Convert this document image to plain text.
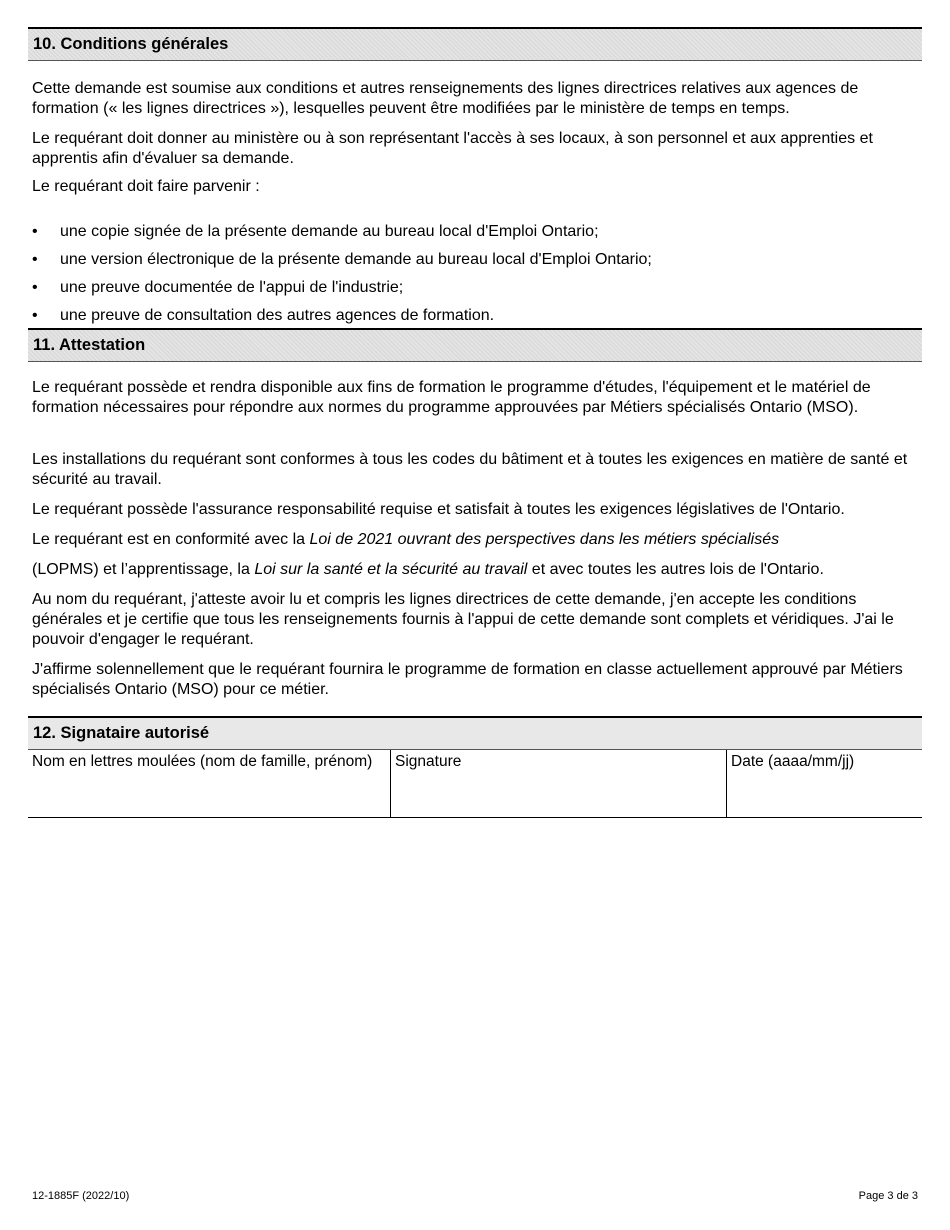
10. Conditions générales

Cette demande est soumise aux conditions et autres renseignements des lignes directrices relatives aux agences de formation (« les lignes directrices »), lesquelles peuvent être modifiées par le ministère de temps en temps.

Le requérant doit donner au ministère ou à son représentant l'accès à ses locaux, à son personnel et aux apprenties et apprentis afin d'évaluer sa demande.

Le requérant doit faire parvenir :

• une copie signée de la présente demande au bureau local d'Emploi Ontario;
• une version électronique de la présente demande au bureau local d'Emploi Ontario;
• une preuve documentée de l'appui de l'industrie;
• une preuve de consultation des autres agences de formation.
11. Attestation

Le requérant possède et rendra disponible aux fins de formation le programme d'études, l'équipement et le matériel de formation nécessaires pour répondre aux normes du programme approuvées par Métiers spécialisés Ontario (MSO).

Les installations du requérant sont conformes à tous les codes du bâtiment et à toutes les exigences en matière de santé et sécurité au travail.

Le requérant possède l'assurance responsabilité requise et satisfait à toutes les exigences législatives de l'Ontario.

Le requérant est en conformité avec la Loi de 2021 ouvrant des perspectives dans les métiers spécialisés

(LOPMS) et l’apprentissage, la Loi sur la santé et la sécurité au travail et avec toutes les autres lois de l'Ontario.

Au nom du requérant, j'atteste avoir lu et compris les lignes directrices de cette demande, j'en accepte les conditions générales et je certifie que tous les renseignements fournis à l'appui de cette demande sont complets et véridiques. J'ai le pouvoir d'engager le requérant.

J'affirme solennellement que le requérant fournira le programme de formation en classe actuellement approuvé par Métiers spécialisés Ontario (MSO) pour ce métier.

12. Signataire autorisé
Nom en lettres moulées (nom de famille, prénom)	Signature	Date (aaaa/mm/jj)
12-1885F (2022/10)	Page 3 de 3
